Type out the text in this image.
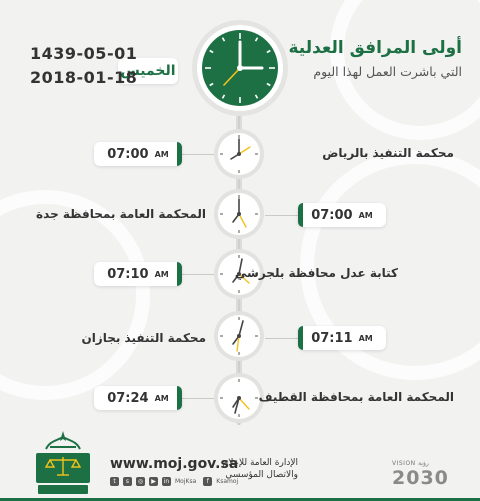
أولى المرافق العدلية
التي باشرت العمل لهذا اليوم
الخميس
1439-05-01
2018-01-18
07:00 AM	محكمة التنفيذ بالرياض
المحكمة العامة بمحافظة جدة	07:00 AM
07:10 AM	كتابة عدل محافظة بلجرشي
محكمة التنفيذ بجازان	07:11 AM
07:24 AM	المحكمة العامة بمحافظة القطيف
www.moj.gov.sa
t	s	◎	▶	in MojKsa	f	Ksamoj
الإدارة العامة للإعلام
والاتصال المؤسسي
VISION رؤية
2030
